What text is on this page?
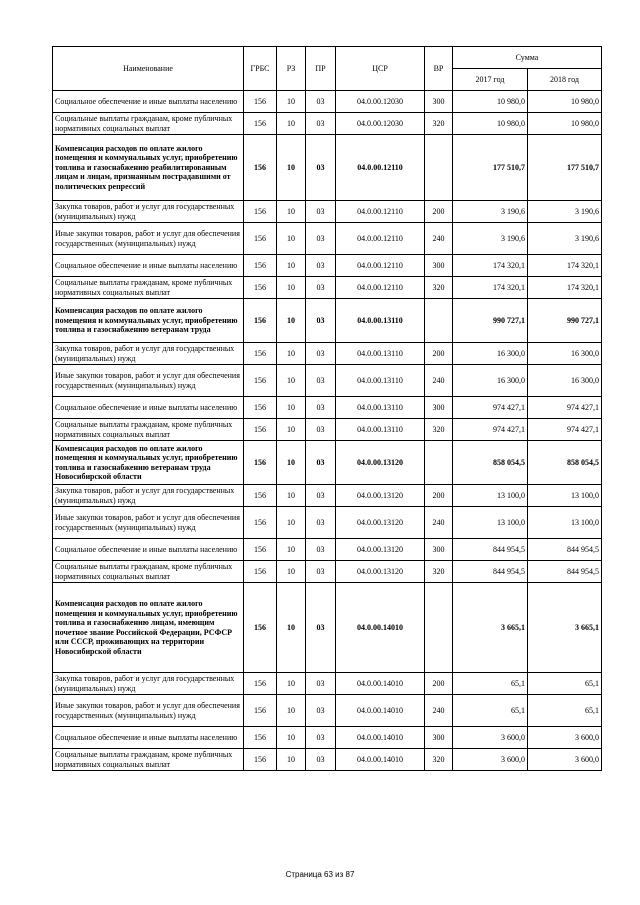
Наименование	ГРБС	РЗ	ПР	ЦСР	ВР	Сумма	
						2017 год	2018 год
Социальное обеспечение и иные выплаты населению	156	10	03	04.0.00.12030	300	10 980,0	10 980,0
Социальные выплаты гражданам, кроме публичных нормативных социальных выплат	156	10	03	04.0.00.12030	320	10 980,0	10 980,0
Компенсация расходов по оплате жилого помещения и коммунальных услуг, приобретению топлива и газоснабжению реабилитированным лицам и лицам, признанным пострадавшими от политических репрессий	156	10	03	04.0.00.12110		177 510,7	177 510,7
Закупка товаров, работ и услуг для государственных (муниципальных) нужд	156	10	03	04.0.00.12110	200	3 190,6	3 190,6
Иные закупки товаров, работ и услуг для обеспечения государственных (муниципальных) нужд	156	10	03	04.0.00.12110	240	3 190,6	3 190,6
Социальное обеспечение и иные выплаты населению	156	10	03	04.0.00.12110	300	174 320,1	174 320,1
Социальные выплаты гражданам, кроме публичных нормативных социальных выплат	156	10	03	04.0.00.12110	320	174 320,1	174 320,1
Компенсация расходов по оплате жилого помещения и коммунальных услуг, приобретению топлива и газоснабжению ветеранам труда	156	10	03	04.0.00.13110		990 727,1	990 727,1
Закупка товаров, работ и услуг для государственных (муниципальных) нужд	156	10	03	04.0.00.13110	200	16 300,0	16 300,0
Иные закупки товаров, работ и услуг для обеспечения государственных (муниципальных) нужд	156	10	03	04.0.00.13110	240	16 300,0	16 300,0
Социальное обеспечение и иные выплаты населению	156	10	03	04.0.00.13110	300	974 427,1	974 427,1
Социальные выплаты гражданам, кроме публичных нормативных социальных выплат	156	10	03	04.0.00.13110	320	974 427,1	974 427,1
Компенсация расходов по оплате жилого помещения и коммунальных услуг, приобретению топлива и газоснабжению ветеранам труда Новосибирской области	156	10	03	04.0.00.13120		858 054,5	858 054,5
Закупка товаров, работ и услуг для государственных (муниципальных) нужд	156	10	03	04.0.00.13120	200	13 100,0	13 100,0
Иные закупки товаров, работ и услуг для обеспечения государственных (муниципальных) нужд	156	10	03	04.0.00.13120	240	13 100,0	13 100,0
Социальное обеспечение и иные выплаты населению	156	10	03	04.0.00.13120	300	844 954,5	844 954,5
Социальные выплаты гражданам, кроме публичных нормативных социальных выплат	156	10	03	04.0.00.13120	320	844 954,5	844 954,5
Компенсация расходов по оплате жилого помещения и коммунальных услуг, приобретению топлива и газоснабжению лицам, имеющим почетное звание Российской Федерации, РСФСР или СССР, проживающих на территории Новосибирской области	156	10	03	04.0.00.14010		3 665,1	3 665,1
Закупка товаров, работ и услуг для государственных (муниципальных) нужд	156	10	03	04.0.00.14010	200	65,1	65,1
Иные закупки товаров, работ и услуг для обеспечения государственных (муниципальных) нужд	156	10	03	04.0.00.14010	240	65,1	65,1
Социальное обеспечение и иные выплаты населению	156	10	03	04.0.00.14010	300	3 600,0	3 600,0
Социальные выплаты гражданам, кроме публичных нормативных социальных выплат	156	10	03	04.0.00.14010	320	3 600,0	3 600,0
Страница 63 из 87
